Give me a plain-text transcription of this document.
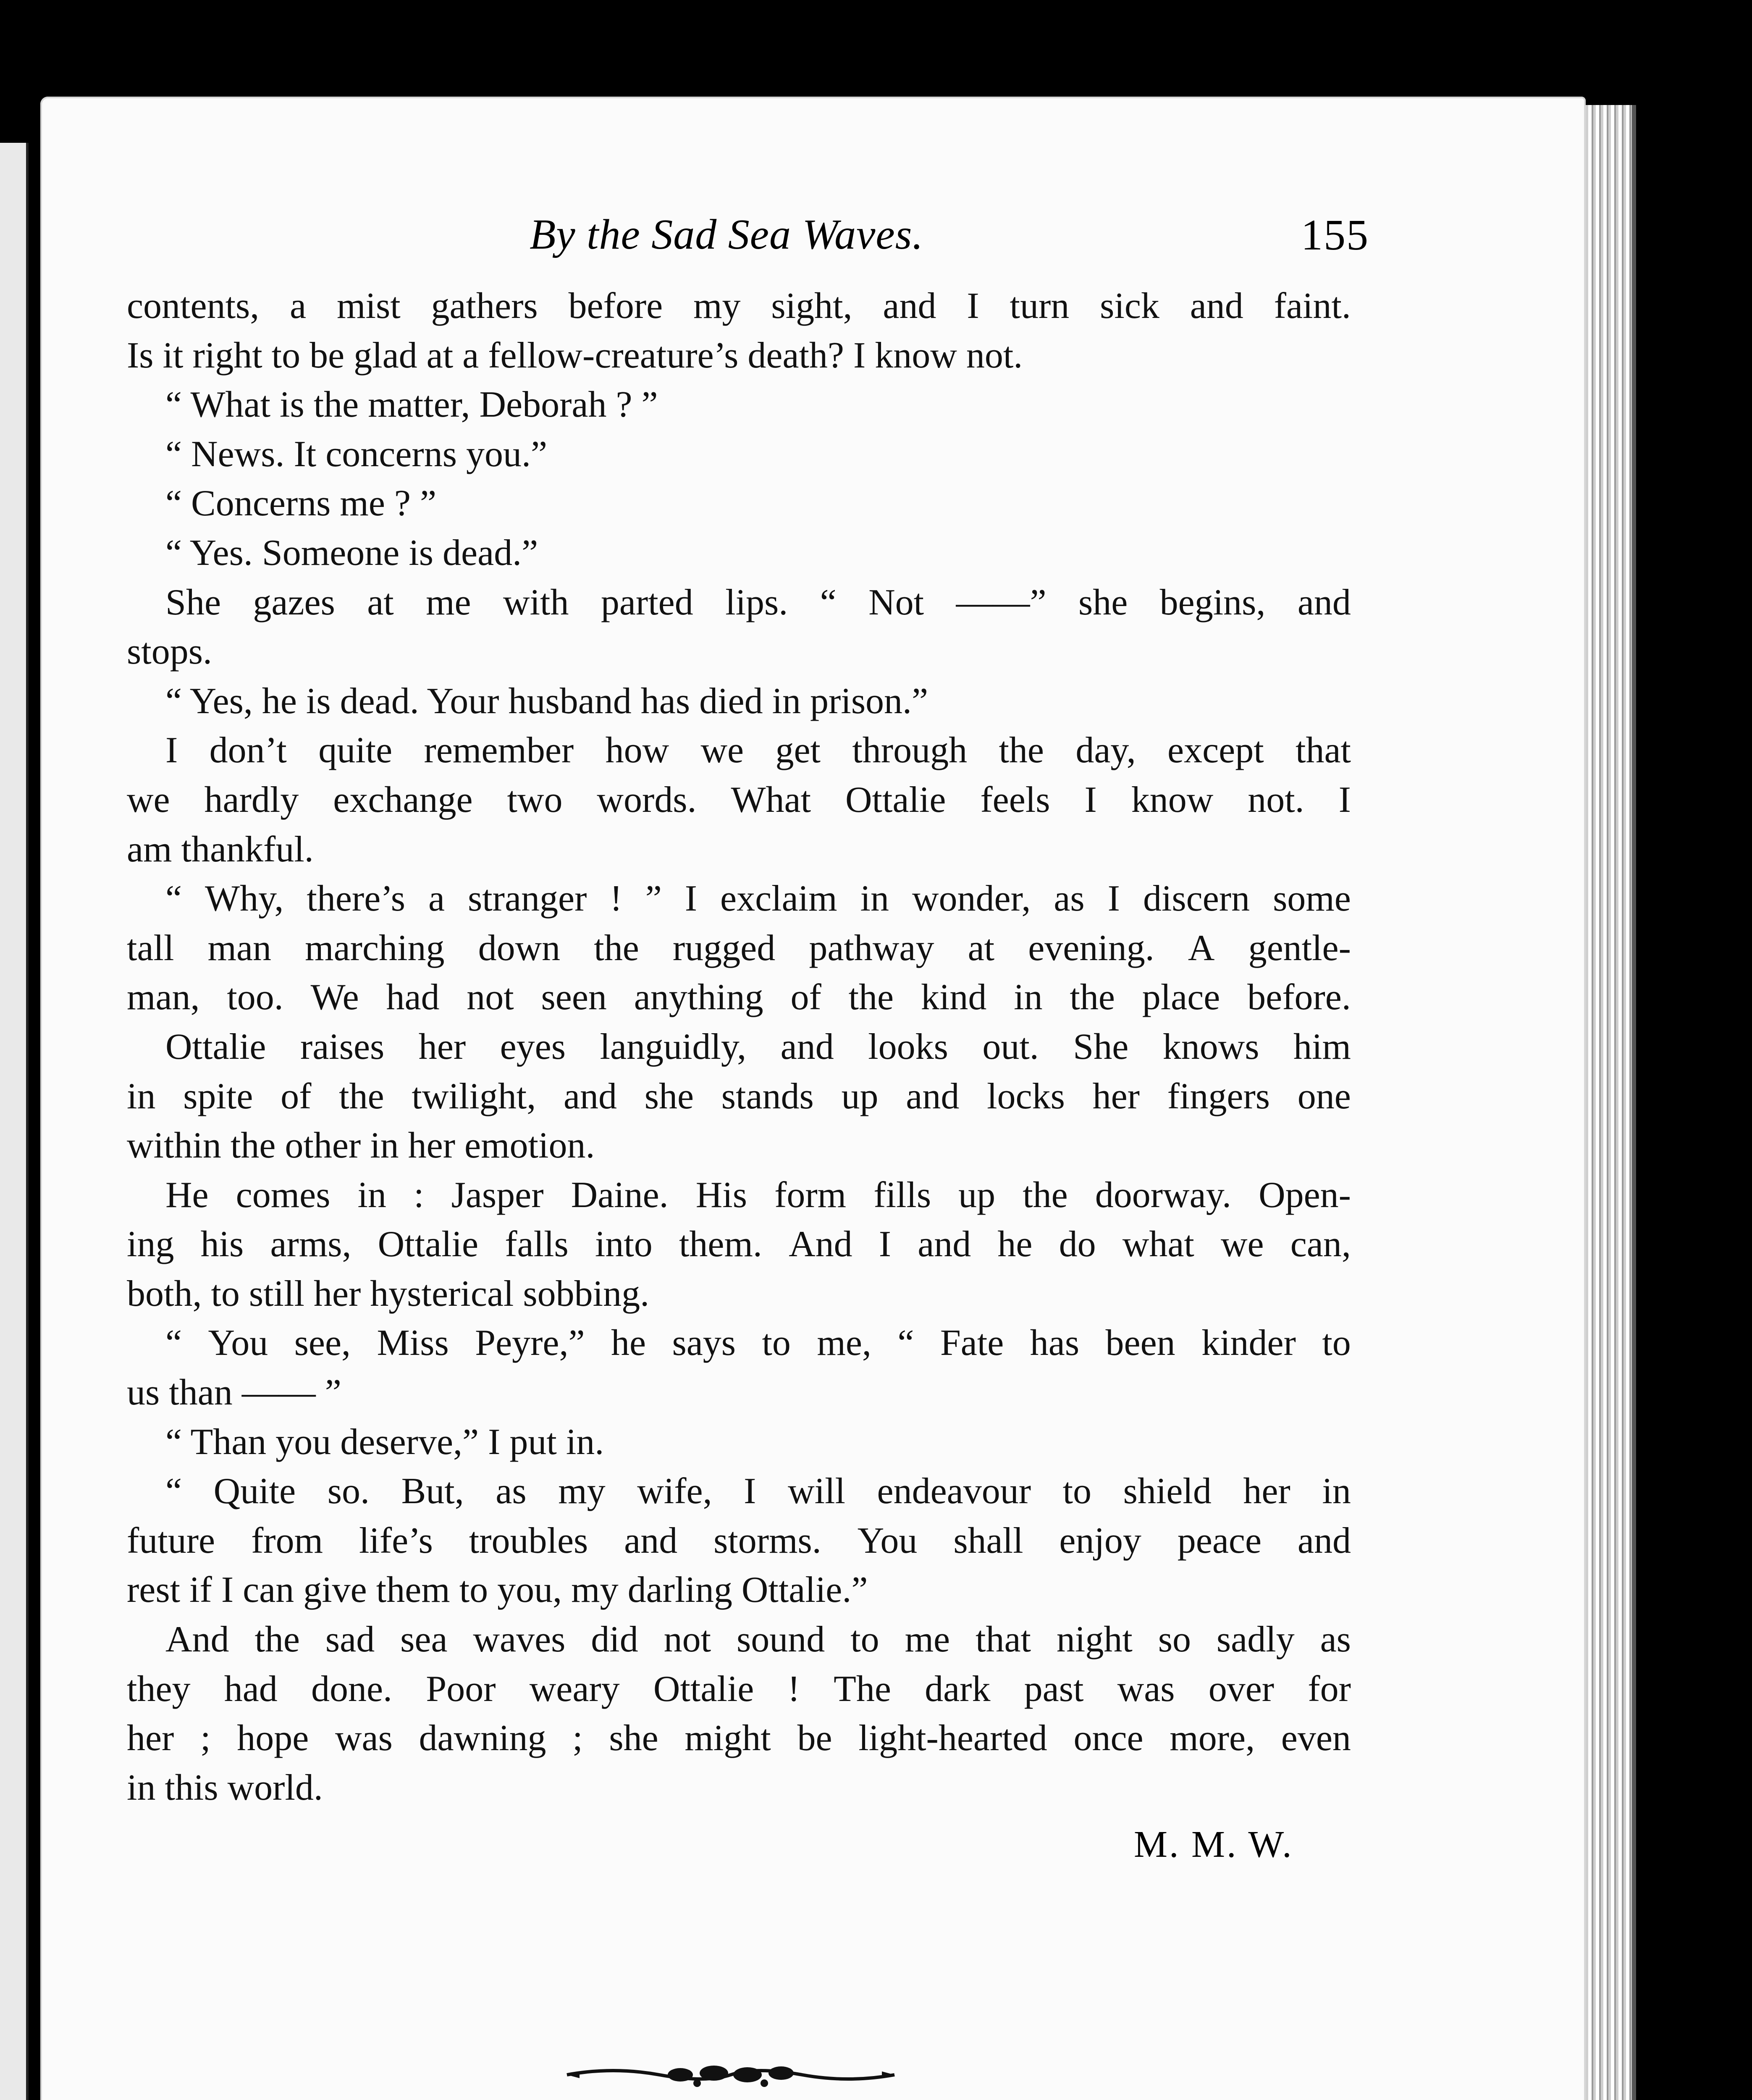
By the Sad Sea Waves.	155
contents, a mist gathers before my sight, and I turn sick and faint.
Is it right to be glad at a fellow-creature’s death? I know not.
“ What is the matter, Deborah ? ”
“ News. It concerns you.”
“ Concerns me ? ”
“ Yes. Someone is dead.”
She gazes at me with parted lips. “ Not ——” she begins, and
stops.
“ Yes, he is dead. Your husband has died in prison.”
I don’t quite remember how we get through the day, except that
we hardly exchange two words. What Ottalie feels I know not. I
am thankful.
“ Why, there’s a stranger ! ” I exclaim in wonder, as I discern some
tall man marching down the rugged pathway at evening. A gentle-
man, too. We had not seen anything of the kind in the place before.
Ottalie raises her eyes languidly, and looks out. She knows him
in spite of the twilight, and she stands up and locks her fingers one
within the other in her emotion.
He comes in : Jasper Daine. His form fills up the doorway. Open-
ing his arms, Ottalie falls into them. And I and he do what we can,
both, to still her hysterical sobbing.
“ You see, Miss Peyre,” he says to me, “ Fate has been kinder to
us than —— ”
“ Than you deserve,” I put in.
“ Quite so. But, as my wife, I will endeavour to shield her in
future from life’s troubles and storms. You shall enjoy peace and
rest if I can give them to you, my darling Ottalie.”
And the sad sea waves did not sound to me that night so sadly as
they had done. Poor weary Ottalie ! The dark past was over for
her ; hope was dawning ; she might be light-hearted once more, even
in this world.
M. M. W.
